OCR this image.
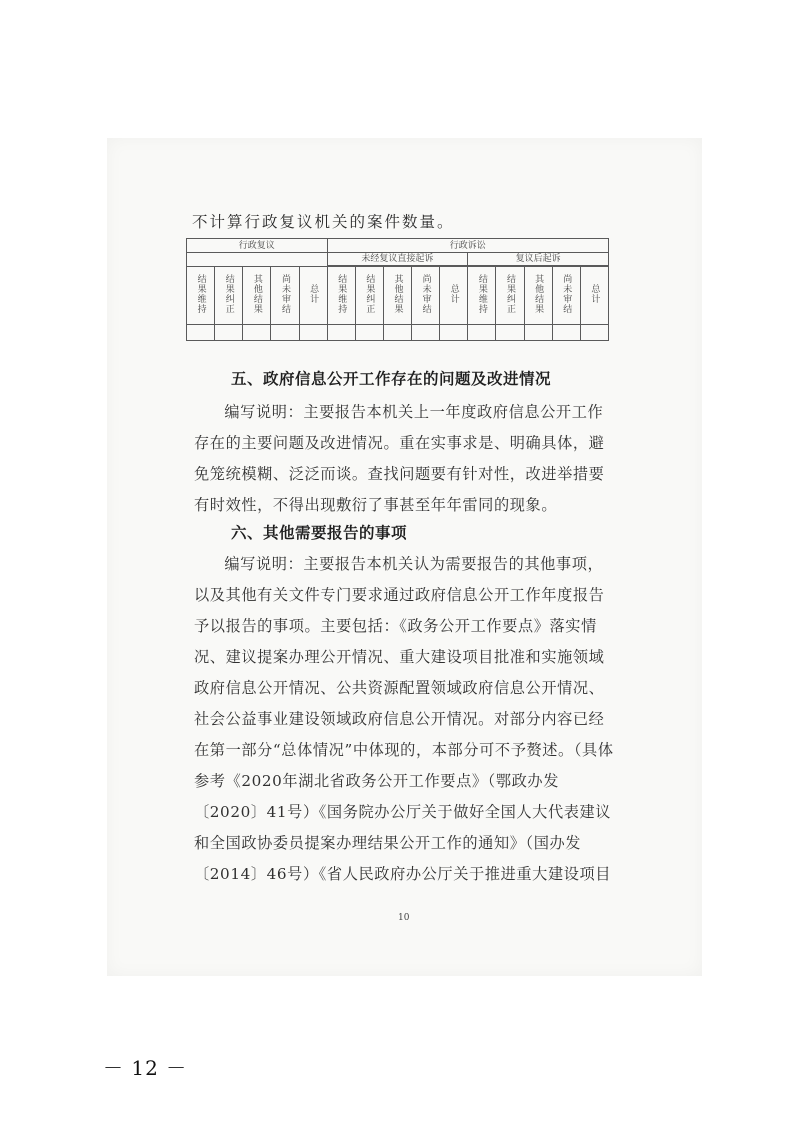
不计算行政复议机关的案件数量。
行政复议					行政诉讼									
					未经复议直接起诉					复议后起诉				

结果维持	结果纠正	其他结果	尚未审结	总计	结果维持	结果纠正	其他结果	尚未审结	总计	结果维持	结果纠正	其他结果	尚未审结	总计

五、政府信息公开工作存在的问题及改进情况

编写说明：主要报告本机关上一年度政府信息公开工作存在的主要问题及改进情况。重在实事求是、明确具体，避免笼统模糊、泛泛而谈。查找问题要有针对性，改进举措要有时效性，不得出现敷衍了事甚至年年雷同的现象。

六、其他需要报告的事项

编写说明：主要报告本机关认为需要报告的其他事项，以及其他有关文件专门要求通过政府信息公开工作年度报告予以报告的事项。主要包括：《政务公开工作要点》落实情况、建议提案办理公开情况、重大建设项目批准和实施领域政府信息公开情况、公共资源配置领域政府信息公开情况、社会公益事业建设领域政府信息公开情况。对部分内容已经在第一部分“总体情况”中体现的，本部分可不予赘述。（具体参考《2020年湖北省政务公开工作要点》（鄂政办发〔2020〕41号）《国务院办公厅关于做好全国人大代表建议和全国政协委员提案办理结果公开工作的通知》（国办发〔2014〕46号）《省人民政府办公厅关于推进重大建设项目

10
－ 12 －
